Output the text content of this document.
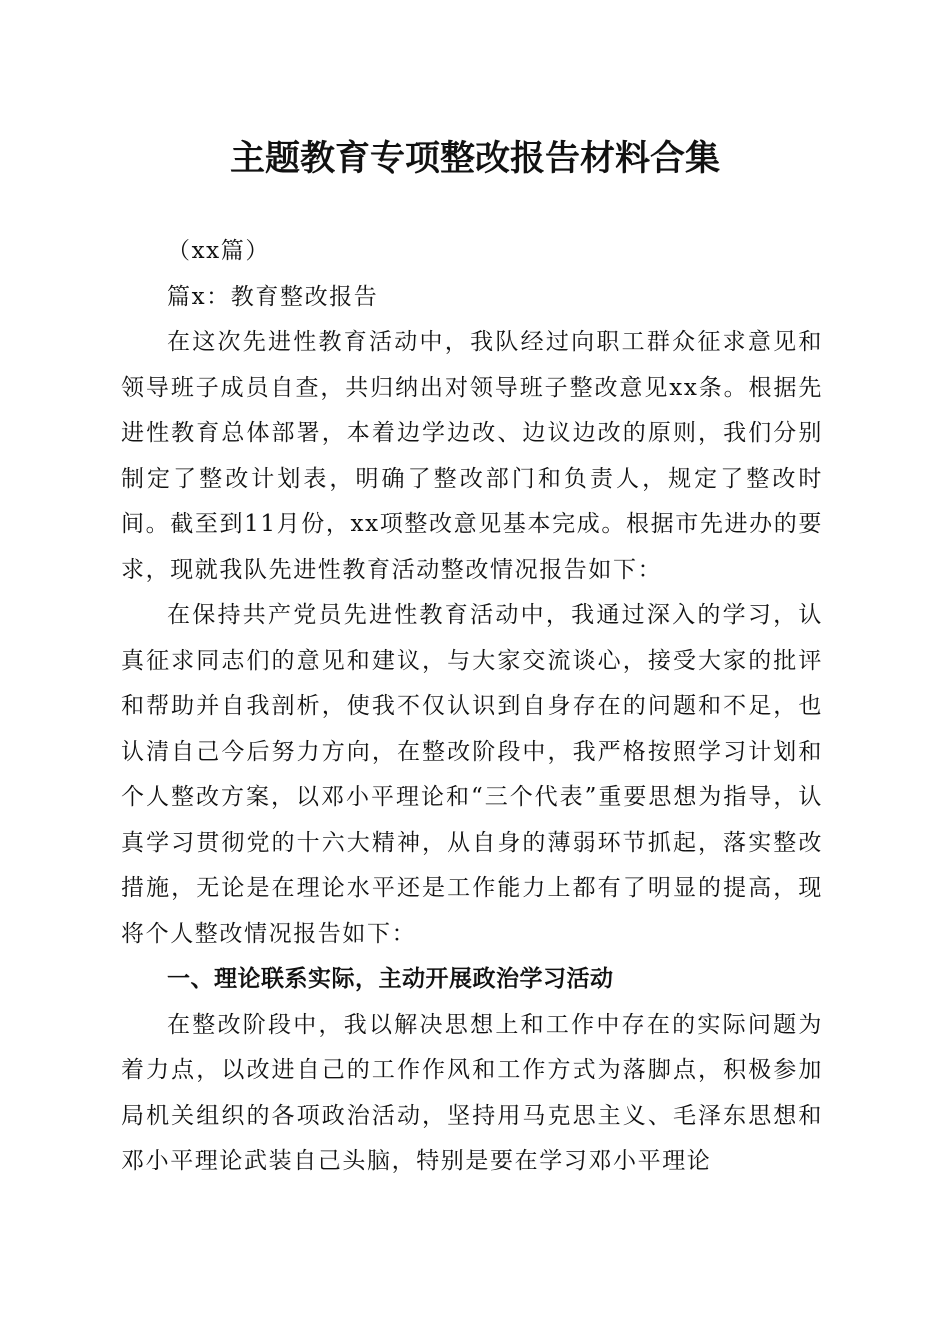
主题教育专项整改报告材料合集

（xx篇）

篇x：教育整改报告

在这次先进性教育活动中，我队经过向职工群众征求意见和领导班子成员自查，共归纳出对领导班子整改意见xx条。根据先进性教育总体部署，本着边学边改、边议边改的原则，我们分别制定了整改计划表，明确了整改部门和负责人，规定了整改时间。截至到11月份，xx项整改意见基本完成。根据市先进办的要求，现就我队先进性教育活动整改情况报告如下：

在保持共产党员先进性教育活动中，我通过深入的学习，认真征求同志们的意见和建议，与大家交流谈心，接受大家的批评和帮助并自我剖析，使我不仅认识到自身存在的问题和不足，也认清自己今后努力方向，在整改阶段中，我严格按照学习计划和个人整改方案，以邓小平理论和“三个代表”重要思想为指导，认真学习贯彻党的十六大精神，从自身的薄弱环节抓起，落实整改措施，无论是在理论水平还是工作能力上都有了明显的提高，现将个人整改情况报告如下：

一、理论联系实际，主动开展政治学习活动

在整改阶段中，我以解决思想上和工作中存在的实际问题为着力点，以改进自己的工作作风和工作方式为落脚点，积极参加局机关组织的各项政治活动，坚持用马克思主义、毛泽东思想和邓小平理论武装自己头脑，特别是要在学习邓小平理论
